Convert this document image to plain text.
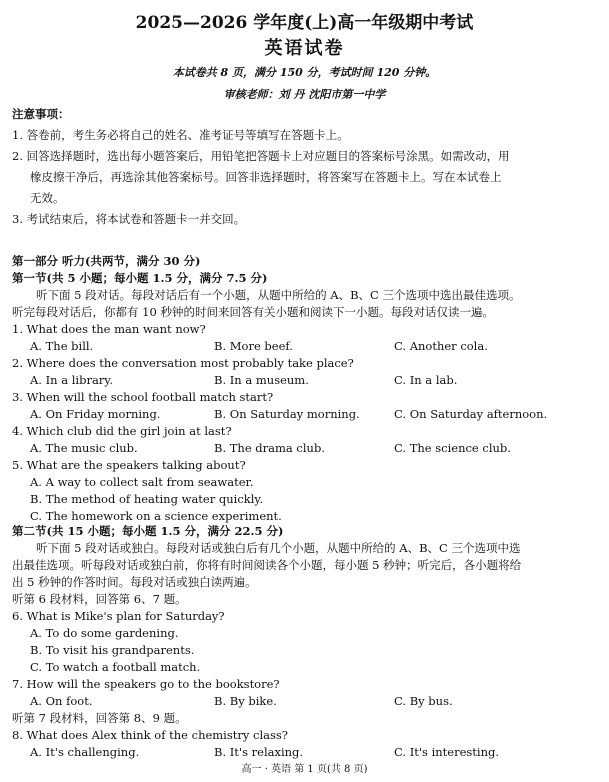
2025—2026 学年度(上)高一年级期中考试
英语试卷
本试卷共 8 页，满分 150 分，考试时间 120 分钟。
审核老师：刘 丹 沈阳市第一中学
注意事项：
1. 答卷前，考生务必将自己的姓名、准考证号等填写在答题卡上。
2. 回答选择题时，选出每小题答案后，用铅笔把答题卡上对应题目的答案标号涂黑。如需改动，用
橡皮擦干净后，再选涂其他答案标号。回答非选择题时，将答案写在答题卡上。写在本试卷上
无效。
3. 考试结束后，将本试卷和答题卡一并交回。
第一部分 听力(共两节，满分 30 分)
第一节(共 5 小题；每小题 1.5 分，满分 7.5 分)
听下面 5 段对话。每段对话后有一个小题，从题中所给的 A、B、C 三个选项中选出最佳选项。
听完每段对话后，你都有 10 秒钟的时间来回答有关小题和阅读下一小题。每段对话仅读一遍。
1. What does the man want now?
A. The bill.	B. More beef.	C. Another cola.
2. Where does the conversation most probably take place?
A. In a library.	B. In a museum.	C. In a lab.
3. When will the school football match start?
A. On Friday morning.	B. On Saturday morning.	C. On Saturday afternoon.
4. Which club did the girl join at last?
A. The music club.	B. The drama club.	C. The science club.
5. What are the speakers talking about?
A. A way to collect salt from seawater.
B. The method of heating water quickly.
C. The homework on a science experiment.
第二节(共 15 小题；每小题 1.5 分，满分 22.5 分)
听下面 5 段对话或独白。每段对话或独白后有几个小题，从题中所给的 A、B、C 三个选项中选
出最佳选项。听每段对话或独白前，你将有时间阅读各个小题，每小题 5 秒钟；听完后，各小题将给
出 5 秒钟的作答时间。每段对话或独白读两遍。
听第 6 段材料，回答第 6、7 题。
6. What is Mike's plan for Saturday?
A. To do some gardening.
B. To visit his grandparents.
C. To watch a football match.
7. How will the speakers go to the bookstore?
A. On foot.	B. By bike.	C. By bus.
听第 7 段材料，回答第 8、9 题。
8. What does Alex think of the chemistry class?
A. It's challenging.	B. It's relaxing.	C. It's interesting.
高一 · 英语 第 1 页(共 8 页)
